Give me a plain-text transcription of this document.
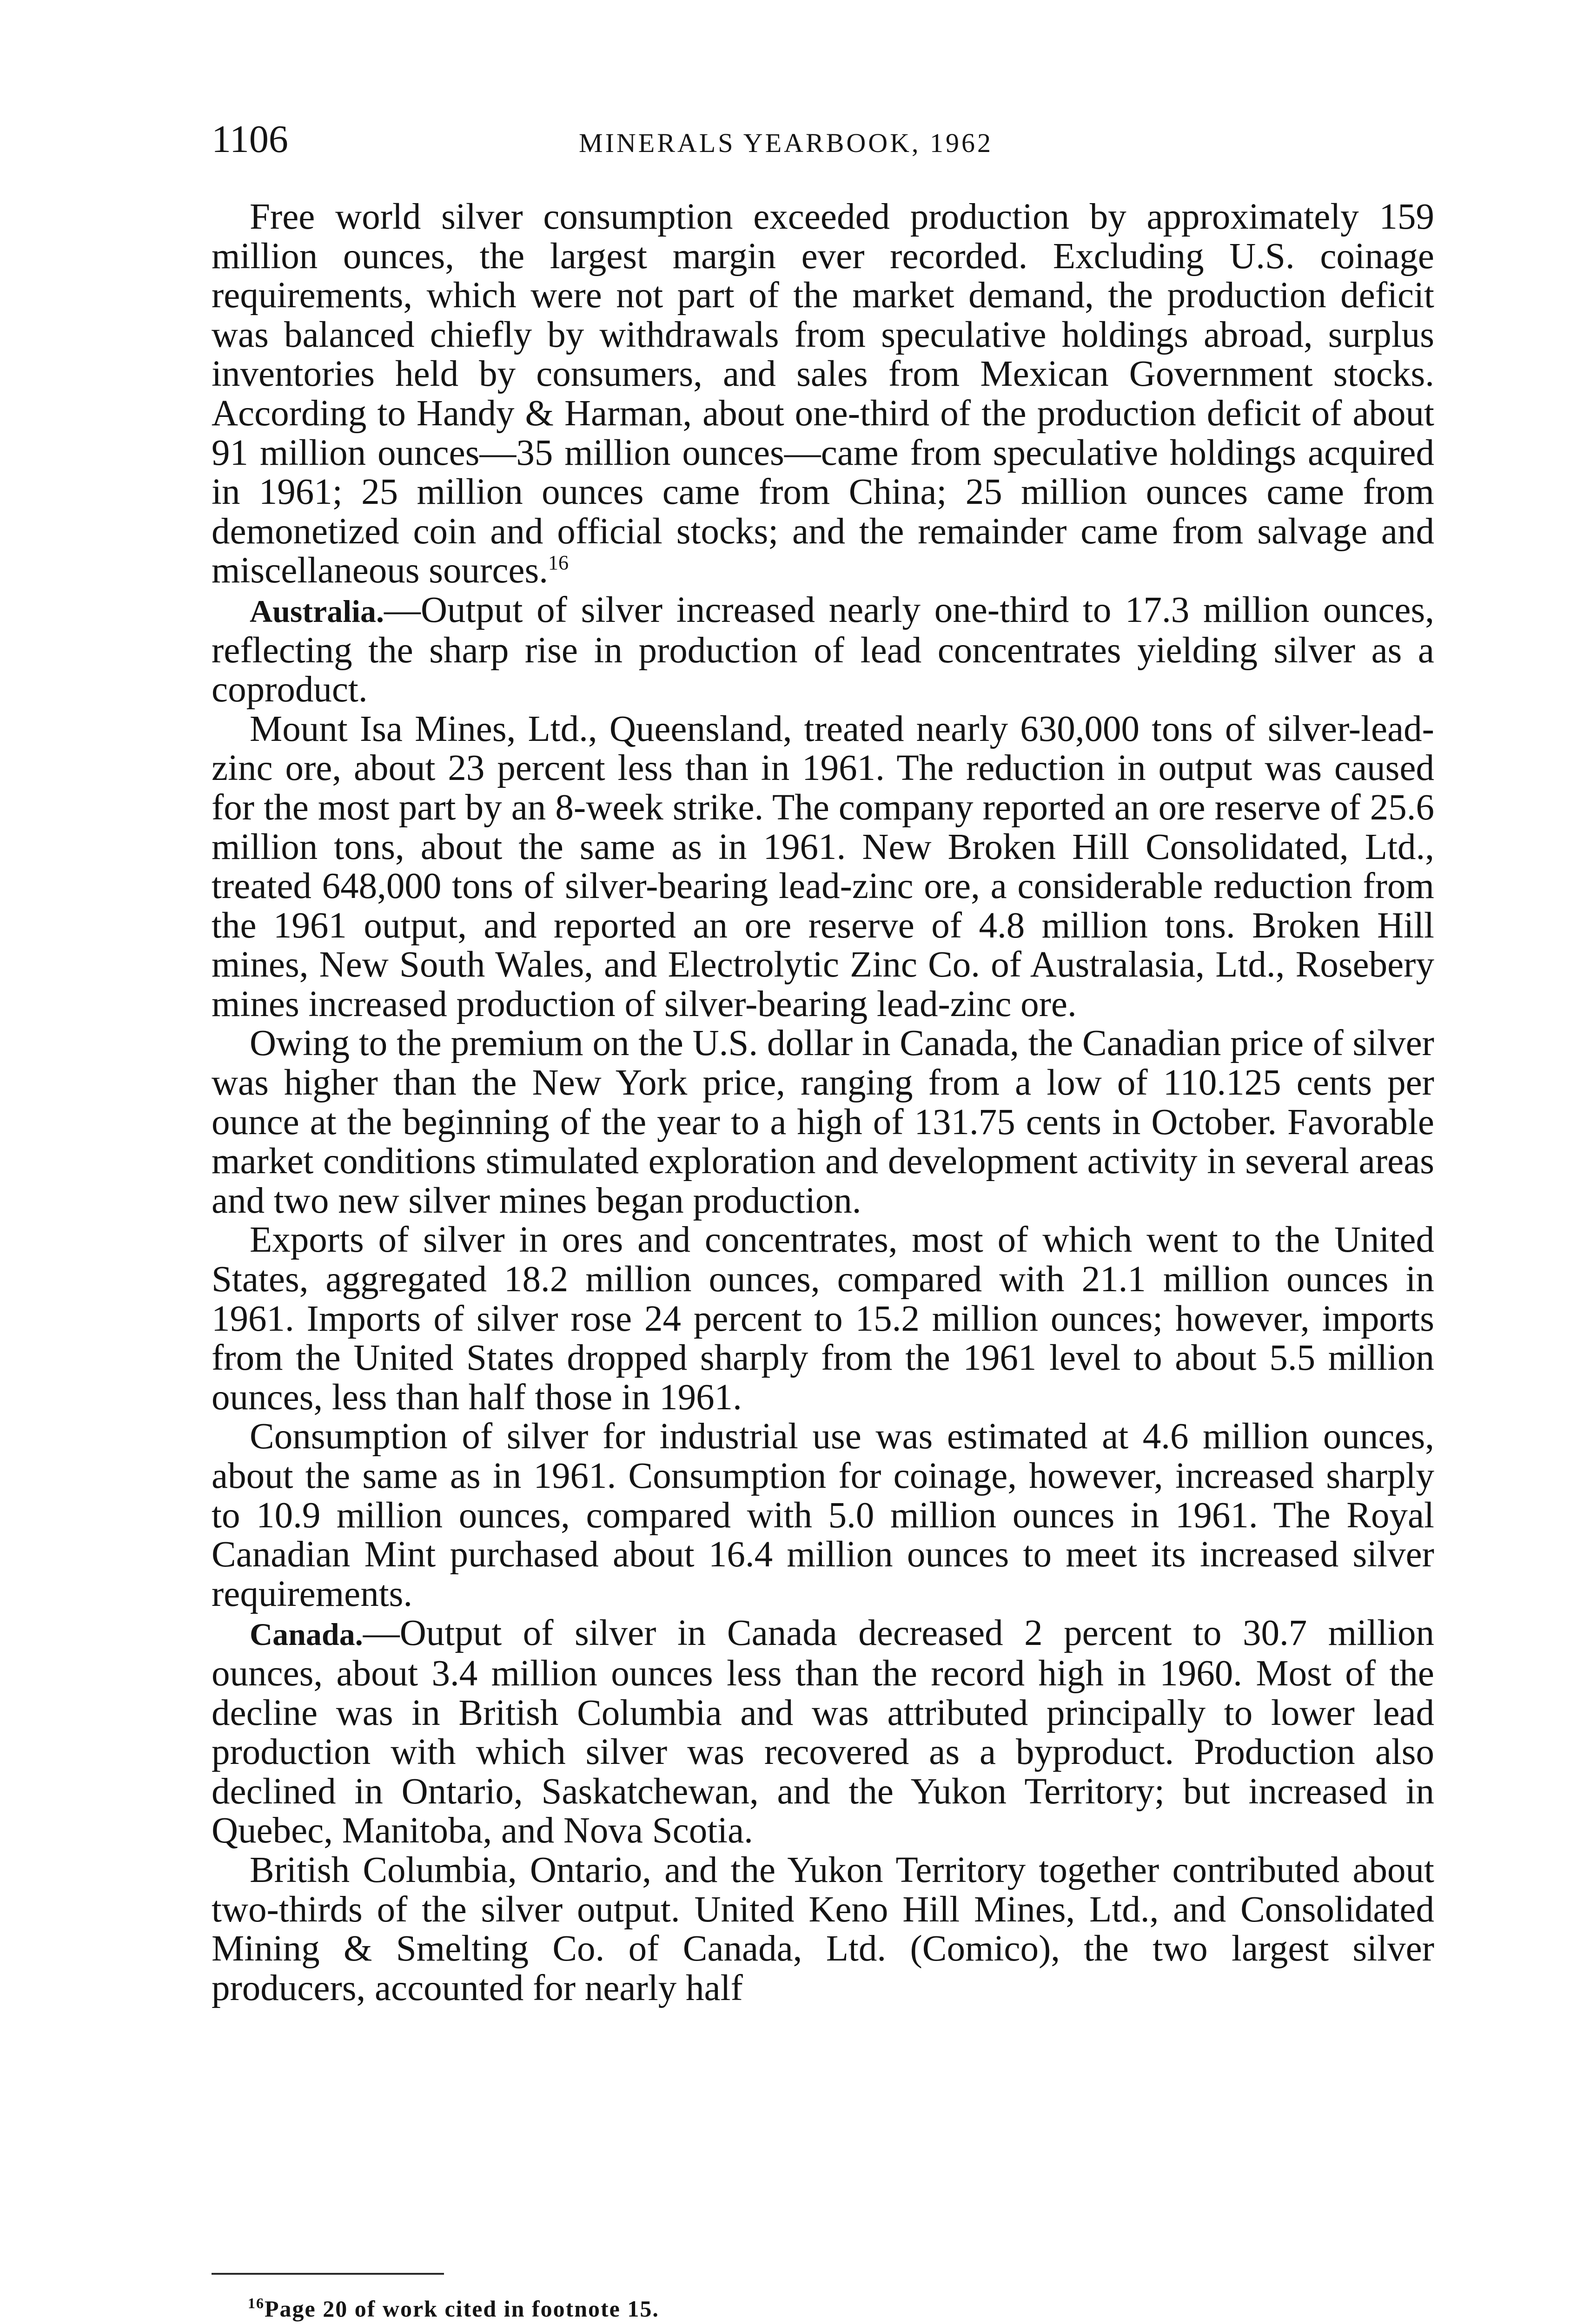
1106	MINERALS YEARBOOK, 1962

Free world silver consumption exceeded production by approximately 159 million ounces, the largest margin ever recorded. Excluding U.S. coinage requirements, which were not part of the market demand, the production deficit was balanced chiefly by withdrawals from speculative holdings abroad, surplus inventories held by consumers, and sales from Mexican Government stocks. According to Handy & Harman, about one-third of the production deficit of about 91 million ounces—35 million ounces—came from speculative holdings acquired in 1961; 25 million ounces came from China; 25 million ounces came from demonetized coin and official stocks; and the remainder came from salvage and miscellaneous sources.$^{16}$

Australia.—Output of silver increased nearly one-third to 17.3 million ounces, reflecting the sharp rise in production of lead concentrates yielding silver as a coproduct.

Mount Isa Mines, Ltd., Queensland, treated nearly 630,000 tons of silver-lead-zinc ore, about 23 percent less than in 1961. The reduction in output was caused for the most part by an 8-week strike. The company reported an ore reserve of 25.6 million tons, about the same as in 1961. New Broken Hill Consolidated, Ltd., treated 648,000 tons of silver-bearing lead-zinc ore, a considerable reduction from the 1961 output, and reported an ore reserve of 4.8 million tons. Broken Hill mines, New South Wales, and Electrolytic Zinc Co. of Australasia, Ltd., Rosebery mines increased production of silver-bearing lead-zinc ore.

Owing to the premium on the U.S. dollar in Canada, the Canadian price of silver was higher than the New York price, ranging from a low of 110.125 cents per ounce at the beginning of the year to a high of 131.75 cents in October. Favorable market conditions stimulated exploration and development activity in several areas and two new silver mines began production.

Exports of silver in ores and concentrates, most of which went to the United States, aggregated 18.2 million ounces, compared with 21.1 million ounces in 1961. Imports of silver rose 24 percent to 15.2 million ounces; however, imports from the United States dropped sharply from the 1961 level to about 5.5 million ounces, less than half those in 1961.

Consumption of silver for industrial use was estimated at 4.6 million ounces, about the same as in 1961. Consumption for coinage, however, increased sharply to 10.9 million ounces, compared with 5.0 million ounces in 1961. The Royal Canadian Mint purchased about 16.4 million ounces to meet its increased silver requirements.

Canada.—Output of silver in Canada decreased 2 percent to 30.7 million ounces, about 3.4 million ounces less than the record high in 1960. Most of the decline was in British Columbia and was attributed principally to lower lead production with which silver was recovered as a byproduct. Production also declined in Ontario, Saskatchewan, and the Yukon Territory; but increased in Quebec, Manitoba, and Nova Scotia.

British Columbia, Ontario, and the Yukon Territory together contributed about two-thirds of the silver output. United Keno Hill Mines, Ltd., and Consolidated Mining & Smelting Co. of Canada, Ltd. (Comico), the two largest silver producers, accounted for nearly half

$^{16}$Page 20 of work cited in footnote 15.
